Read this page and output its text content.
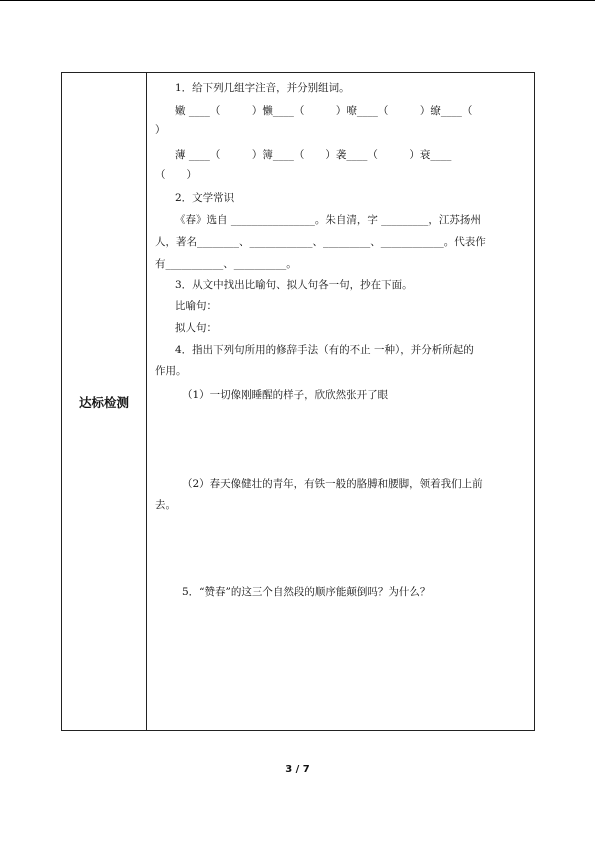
达标检测
1．给下列几组字注音，并分别组词。
嫩 ____（　　　）懒____（　　　）嘹____（　　　）缭____（
）
薄 ____（　　　）簿____（　　）袭____（　　　）衰____
（　　）
2．文学常识
《春》选自 ________________。朱自清，字 _________，江苏扬州
人，著名________、____________、_________、____________。代表作
有___________、__________。
3．从文中找出比喻句、拟人句各一句，抄在下面。
比喻句：
拟人句：
4．指出下列句所用的修辞手法（有的不止 一种），并分析所起的
作用。
（1）一切像刚睡醒的样子，欣欣然张开了眼
（2）春天像健壮的青年，有铁一般的胳膊和腰脚，领着我们上前
去。
5．“赞春”的这三个自然段的顺序能颠倒吗？为什么？
3 / 7
